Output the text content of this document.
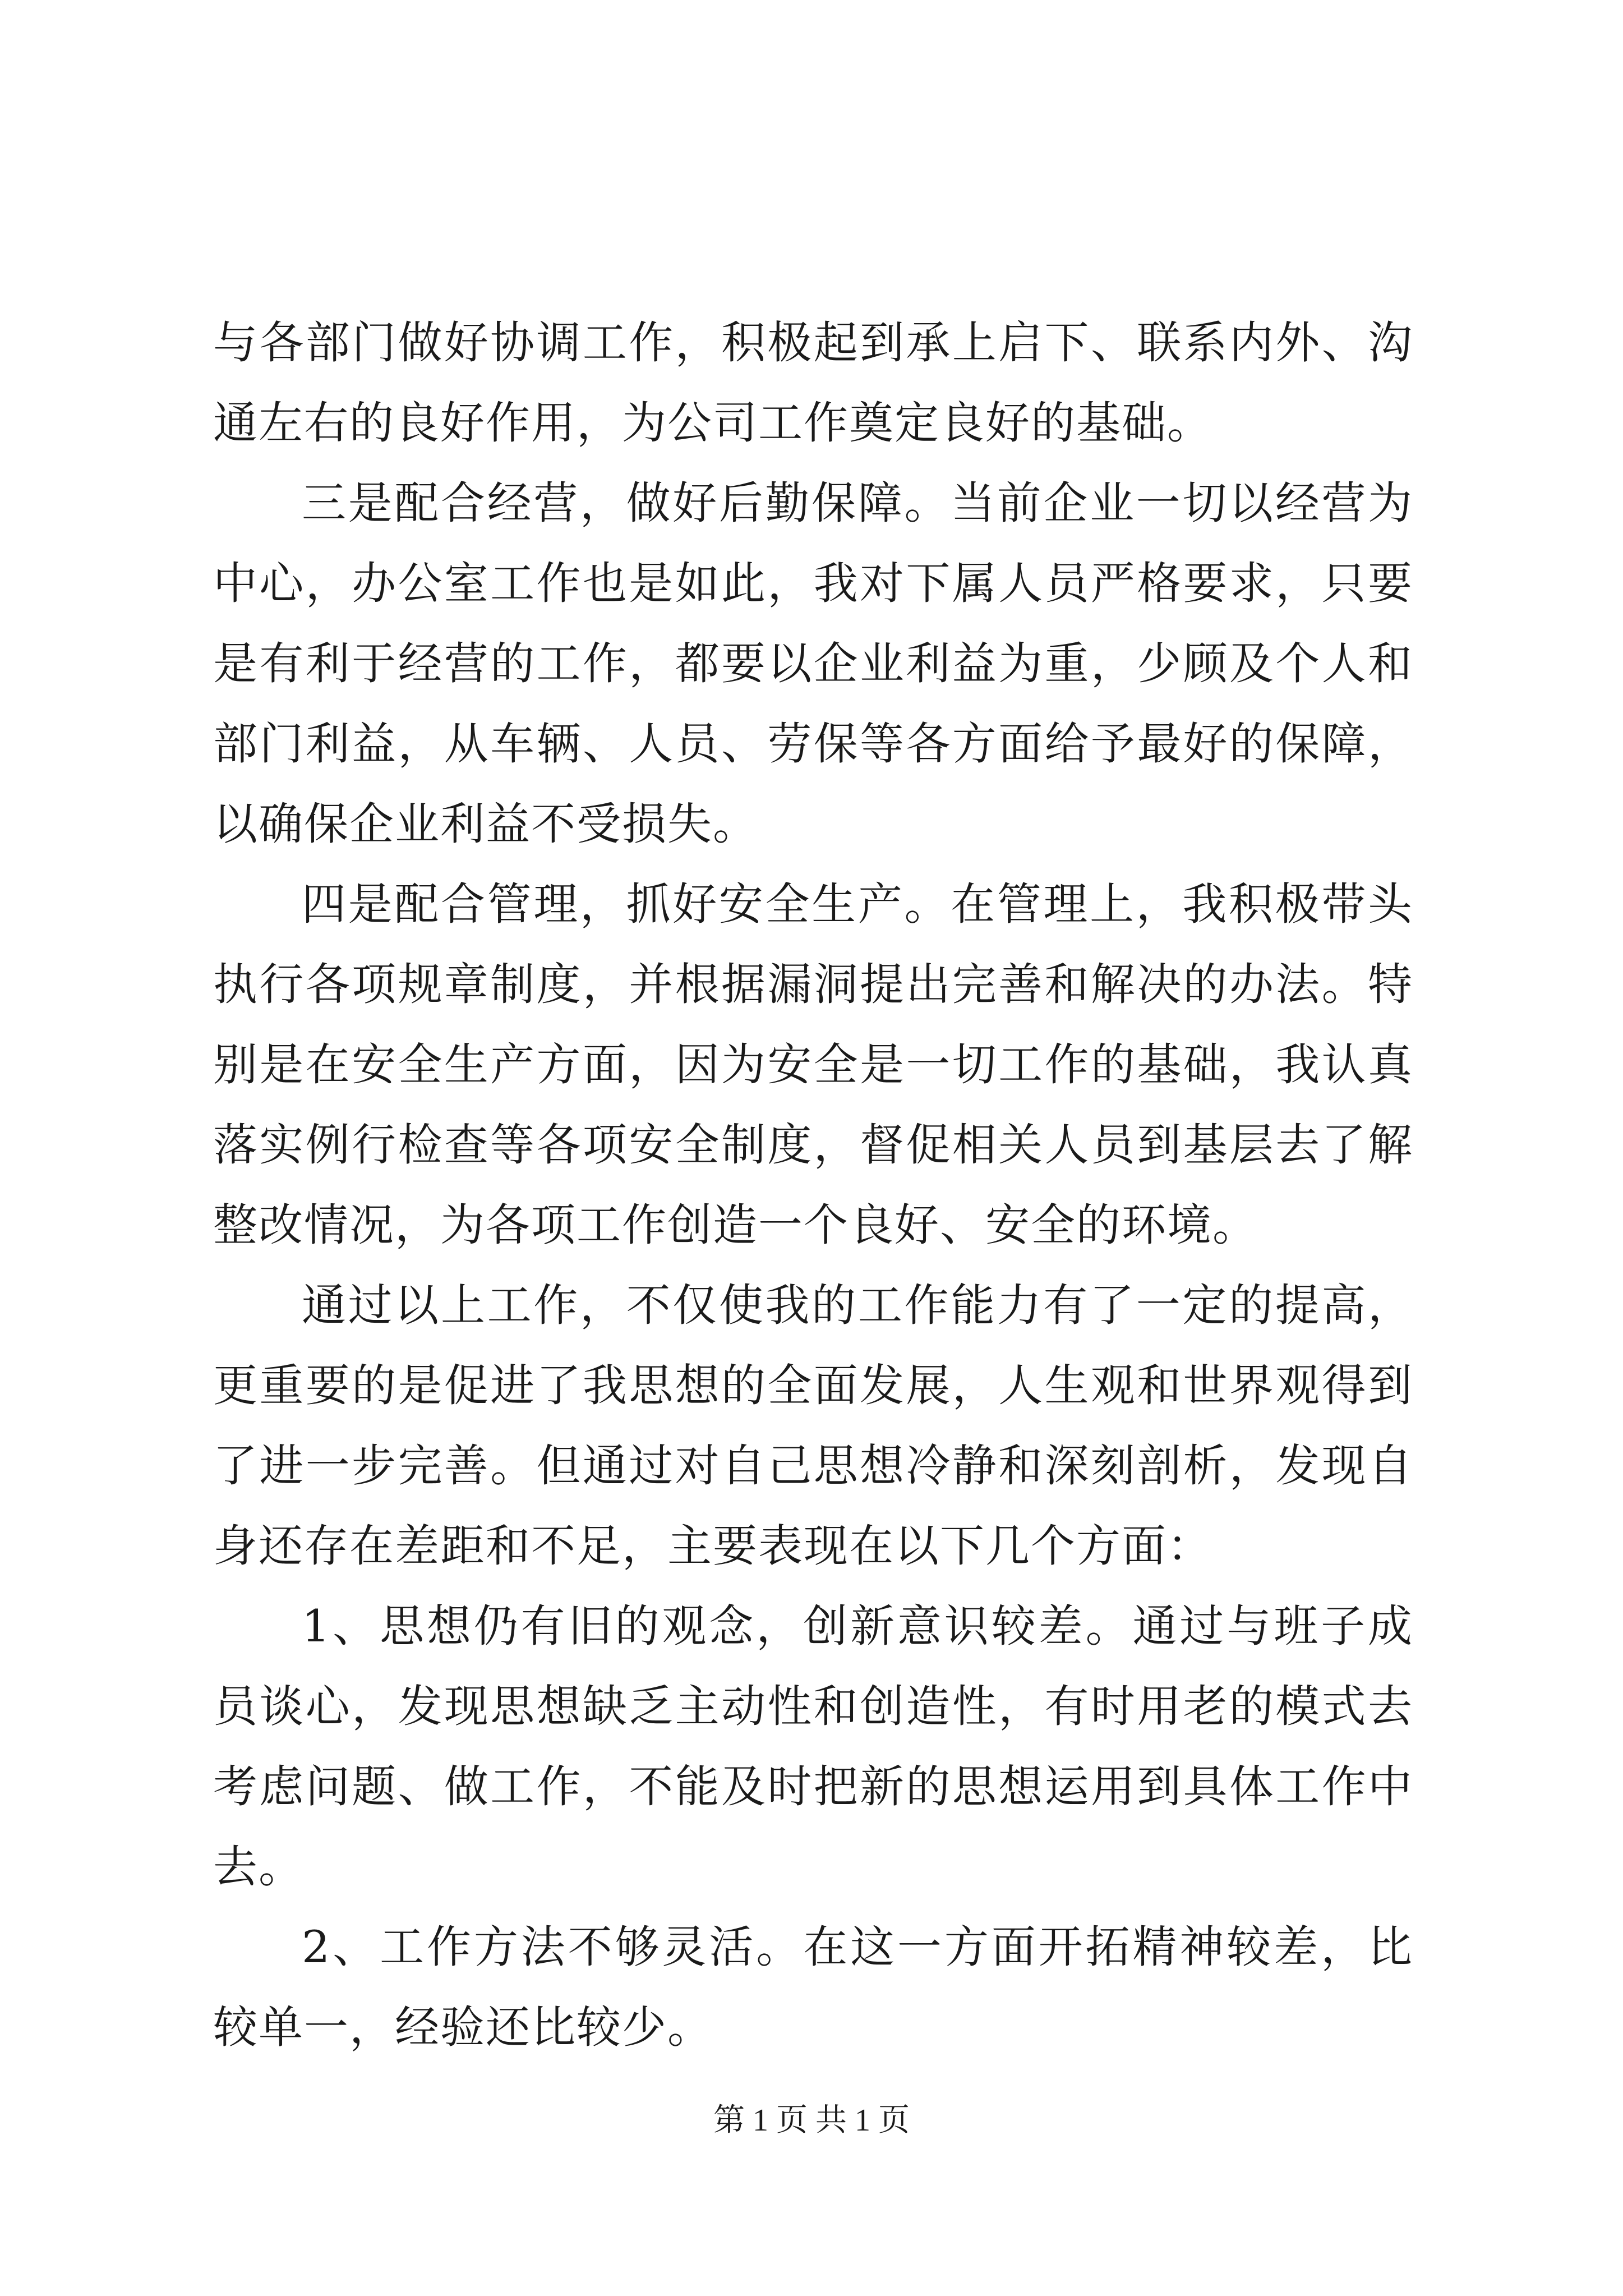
与各部门做好协调工作，积极起到承上启下、联系内外、沟通左右的良好作用，为公司工作奠定良好的基础。

三是配合经营，做好后勤保障。当前企业一切以经营为中心，办公室工作也是如此，我对下属人员严格要求，只要是有利于经营的工作，都要以企业利益为重，少顾及个人和部门利益，从车辆、人员、劳保等各方面给予最好的保障，以确保企业利益不受损失。

四是配合管理，抓好安全生产。在管理上，我积极带头执行各项规章制度，并根据漏洞提出完善和解决的办法。特别是在安全生产方面，因为安全是一切工作的基础，我认真落实例行检查等各项安全制度，督促相关人员到基层去了解整改情况，为各项工作创造一个良好、安全的环境。

通过以上工作，不仅使我的工作能力有了一定的提高，更重要的是促进了我思想的全面发展，人生观和世界观得到了进一步完善。但通过对自己思想冷静和深刻剖析，发现自身还存在差距和不足，主要表现在以下几个方面：

1、思想仍有旧的观念，创新意识较差。通过与班子成员谈心，发现思想缺乏主动性和创造性，有时用老的模式去考虑问题、做工作，不能及时把新的思想运用到具体工作中去。

2、工作方法不够灵活。在这一方面开拓精神较差，比较单一，经验还比较少。

第 1 页 共 1 页
